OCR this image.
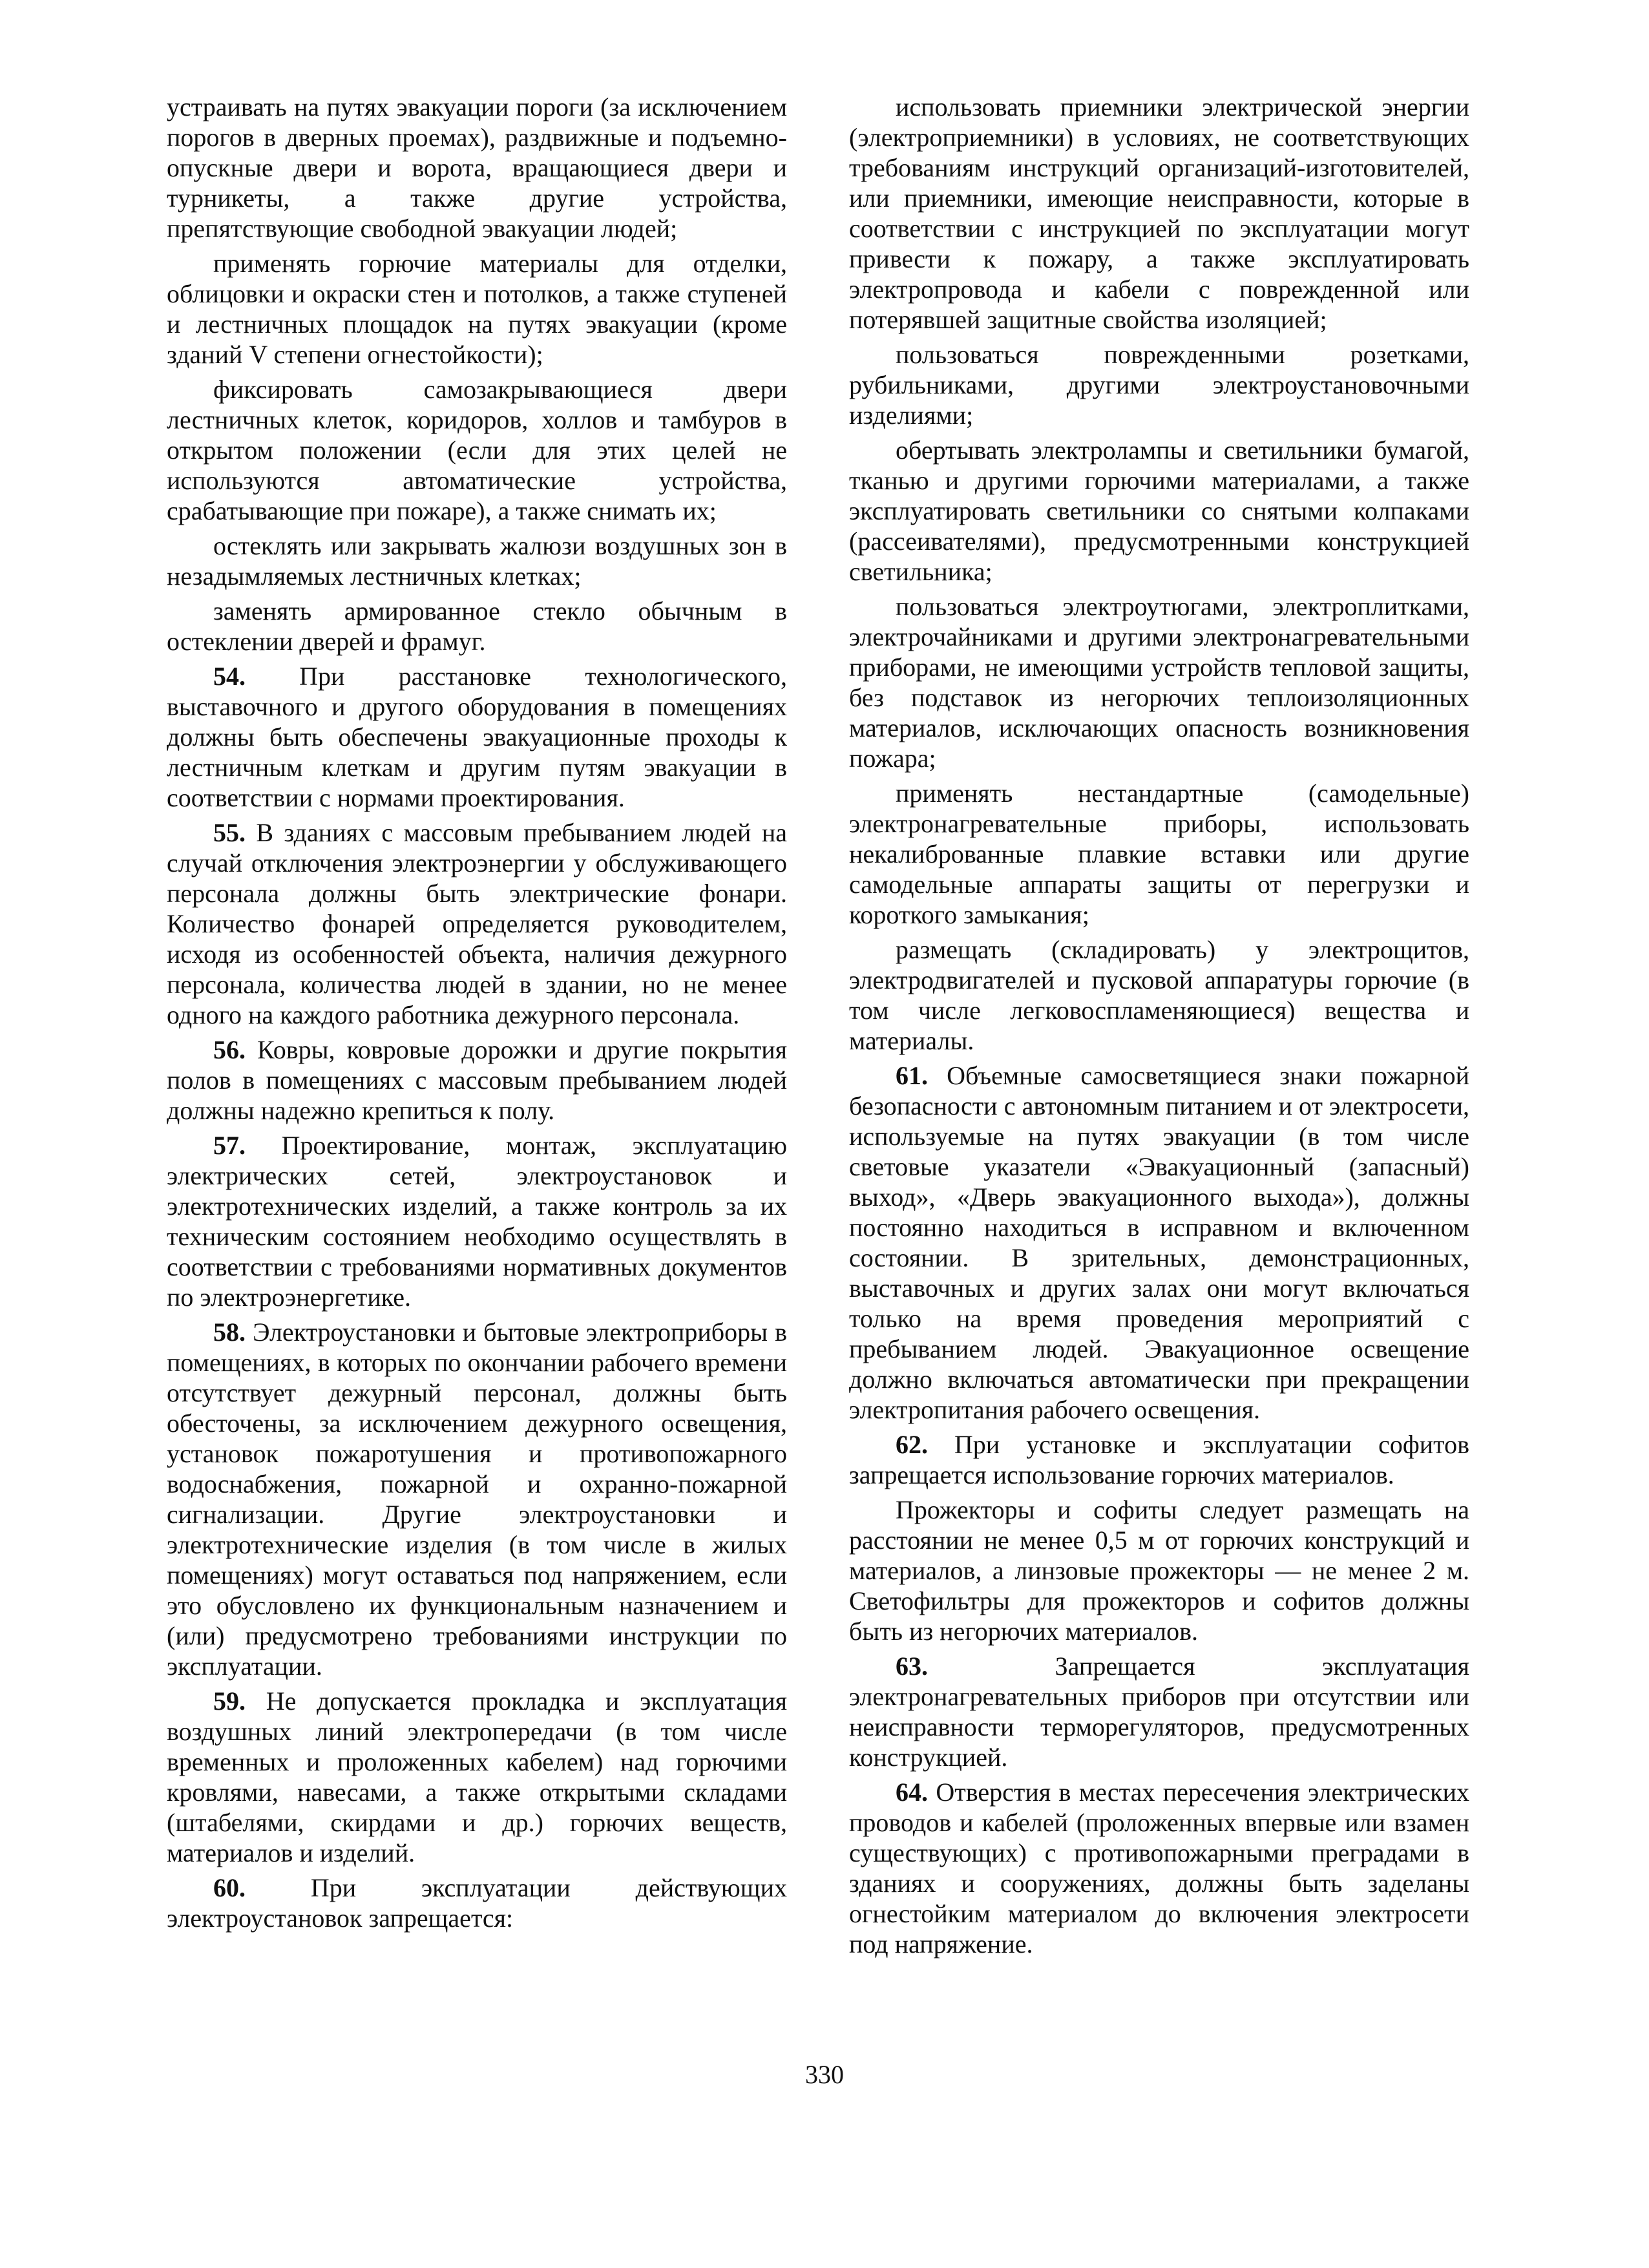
устраивать на путях эвакуации пороги (за исключением порогов в дверных проемах), раздвижные и подъемно-опускные двери и ворота, вращающиеся двери и турникеты, а также другие устройства, препятствующие свободной эвакуации людей;

применять горючие материалы для отделки, облицовки и окраски стен и потолков, а также ступеней и лестничных площадок на путях эвакуации (кроме зданий V степени огнестойкости);

фиксировать самозакрывающиеся двери лестничных клеток, коридоров, холлов и тамбуров в открытом положении (если для этих целей не используются автоматические устройства, срабатывающие при пожаре), а также снимать их;

остеклять или закрывать жалюзи воздушных зон в незадымляемых лестничных клетках;

заменять армированное стекло обычным в остеклении дверей и фрамуг.

54. При расстановке технологического, выставочного и другого оборудования в помещениях должны быть обеспечены эвакуационные проходы к лестничным клеткам и другим путям эвакуации в соответствии с нормами проектирования.

55. В зданиях с массовым пребыванием людей на случай отключения электроэнергии у обслуживающего персонала должны быть электрические фонари. Количество фонарей определяется руководителем, исходя из особенностей объекта, наличия дежурного персонала, количества людей в здании, но не менее одного на каждого работника дежурного персонала.

56. Ковры, ковровые дорожки и другие покрытия полов в помещениях с массовым пребыванием людей должны надежно крепиться к полу.

57. Проектирование, монтаж, эксплуатацию электрических сетей, электроустановок и электротехнических изделий, а также контроль за их техническим состоянием необходимо осуществлять в соответствии с требованиями нормативных документов по электроэнергетике.

58. Электроустановки и бытовые электроприборы в помещениях, в которых по окончании рабочего времени отсутствует дежурный персонал, должны быть обесточены, за исключением дежурного освещения, установок пожаротушения и противопожарного водоснабжения, пожарной и охранно-пожарной сигнализации. Другие электроустановки и электротехнические изделия (в том числе в жилых помещениях) могут оставаться под напряжением, если это обусловлено их функциональным назначением и (или) предусмотрено требованиями инструкции по эксплуатации.

59. Не допускается прокладка и эксплуатация воздушных линий электропередачи (в том числе временных и проложенных кабелем) над горючими кровлями, навесами, а также открытыми складами (штабелями, скирдами и др.) горючих веществ, материалов и изделий.

60. При эксплуатации действующих электроустановок запрещается:

использовать приемники электрической энергии (электроприемники) в условиях, не соответствующих требованиям инструкций организаций-изготовителей, или приемники, имеющие неисправности, которые в соответствии с инструкцией по эксплуатации могут привести к пожару, а также эксплуатировать электропровода и кабели с поврежденной или потерявшей защитные свойства изоляцией;

пользоваться поврежденными розетками, рубильниками, другими электроустановочными изделиями;

обертывать электролампы и светильники бумагой, тканью и другими горючими материалами, а также эксплуатировать светильники со снятыми колпаками (рассеивателями), предусмотренными конструкцией светильника;

пользоваться электроутюгами, электроплитками, электрочайниками и другими электронагревательными приборами, не имеющими устройств тепловой защиты, без подставок из негорючих теплоизоляционных материалов, исключающих опасность возникновения пожара;

применять нестандартные (самодельные) электронагревательные приборы, использовать некалиброванные плавкие вставки или другие самодельные аппараты защиты от перегрузки и короткого замыкания;

размещать (складировать) у электрощитов, электродвигателей и пусковой аппаратуры горючие (в том числе легковоспламеняющиеся) вещества и материалы.

61. Объемные самосветящиеся знаки пожарной безопасности с автономным питанием и от электросети, используемые на путях эвакуации (в том числе световые указатели «Эвакуационный (запасный) выход», «Дверь эвакуационного выхода»), должны постоянно находиться в исправном и включенном состоянии. В зрительных, демонстрационных, выставочных и других залах они могут включаться только на время проведения мероприятий с пребыванием людей. Эвакуационное освещение должно включаться автоматически при прекращении электропитания рабочего освещения.

62. При установке и эксплуатации софитов запрещается использование горючих материалов.

Прожекторы и софиты следует размещать на расстоянии не менее 0,5 м от горючих конструкций и материалов, а линзовые прожекторы — не менее 2 м. Светофильтры для прожекторов и софитов должны быть из негорючих материалов.

63. Запрещается эксплуатация электронагревательных приборов при отсутствии или неисправности терморегуляторов, предусмотренных конструкцией.

64. Отверстия в местах пересечения электрических проводов и кабелей (проложенных впервые или взамен существующих) с противопожарными преградами в зданиях и сооружениях, должны быть заделаны огнестойким материалом до включения электросети под напряжение.

330
